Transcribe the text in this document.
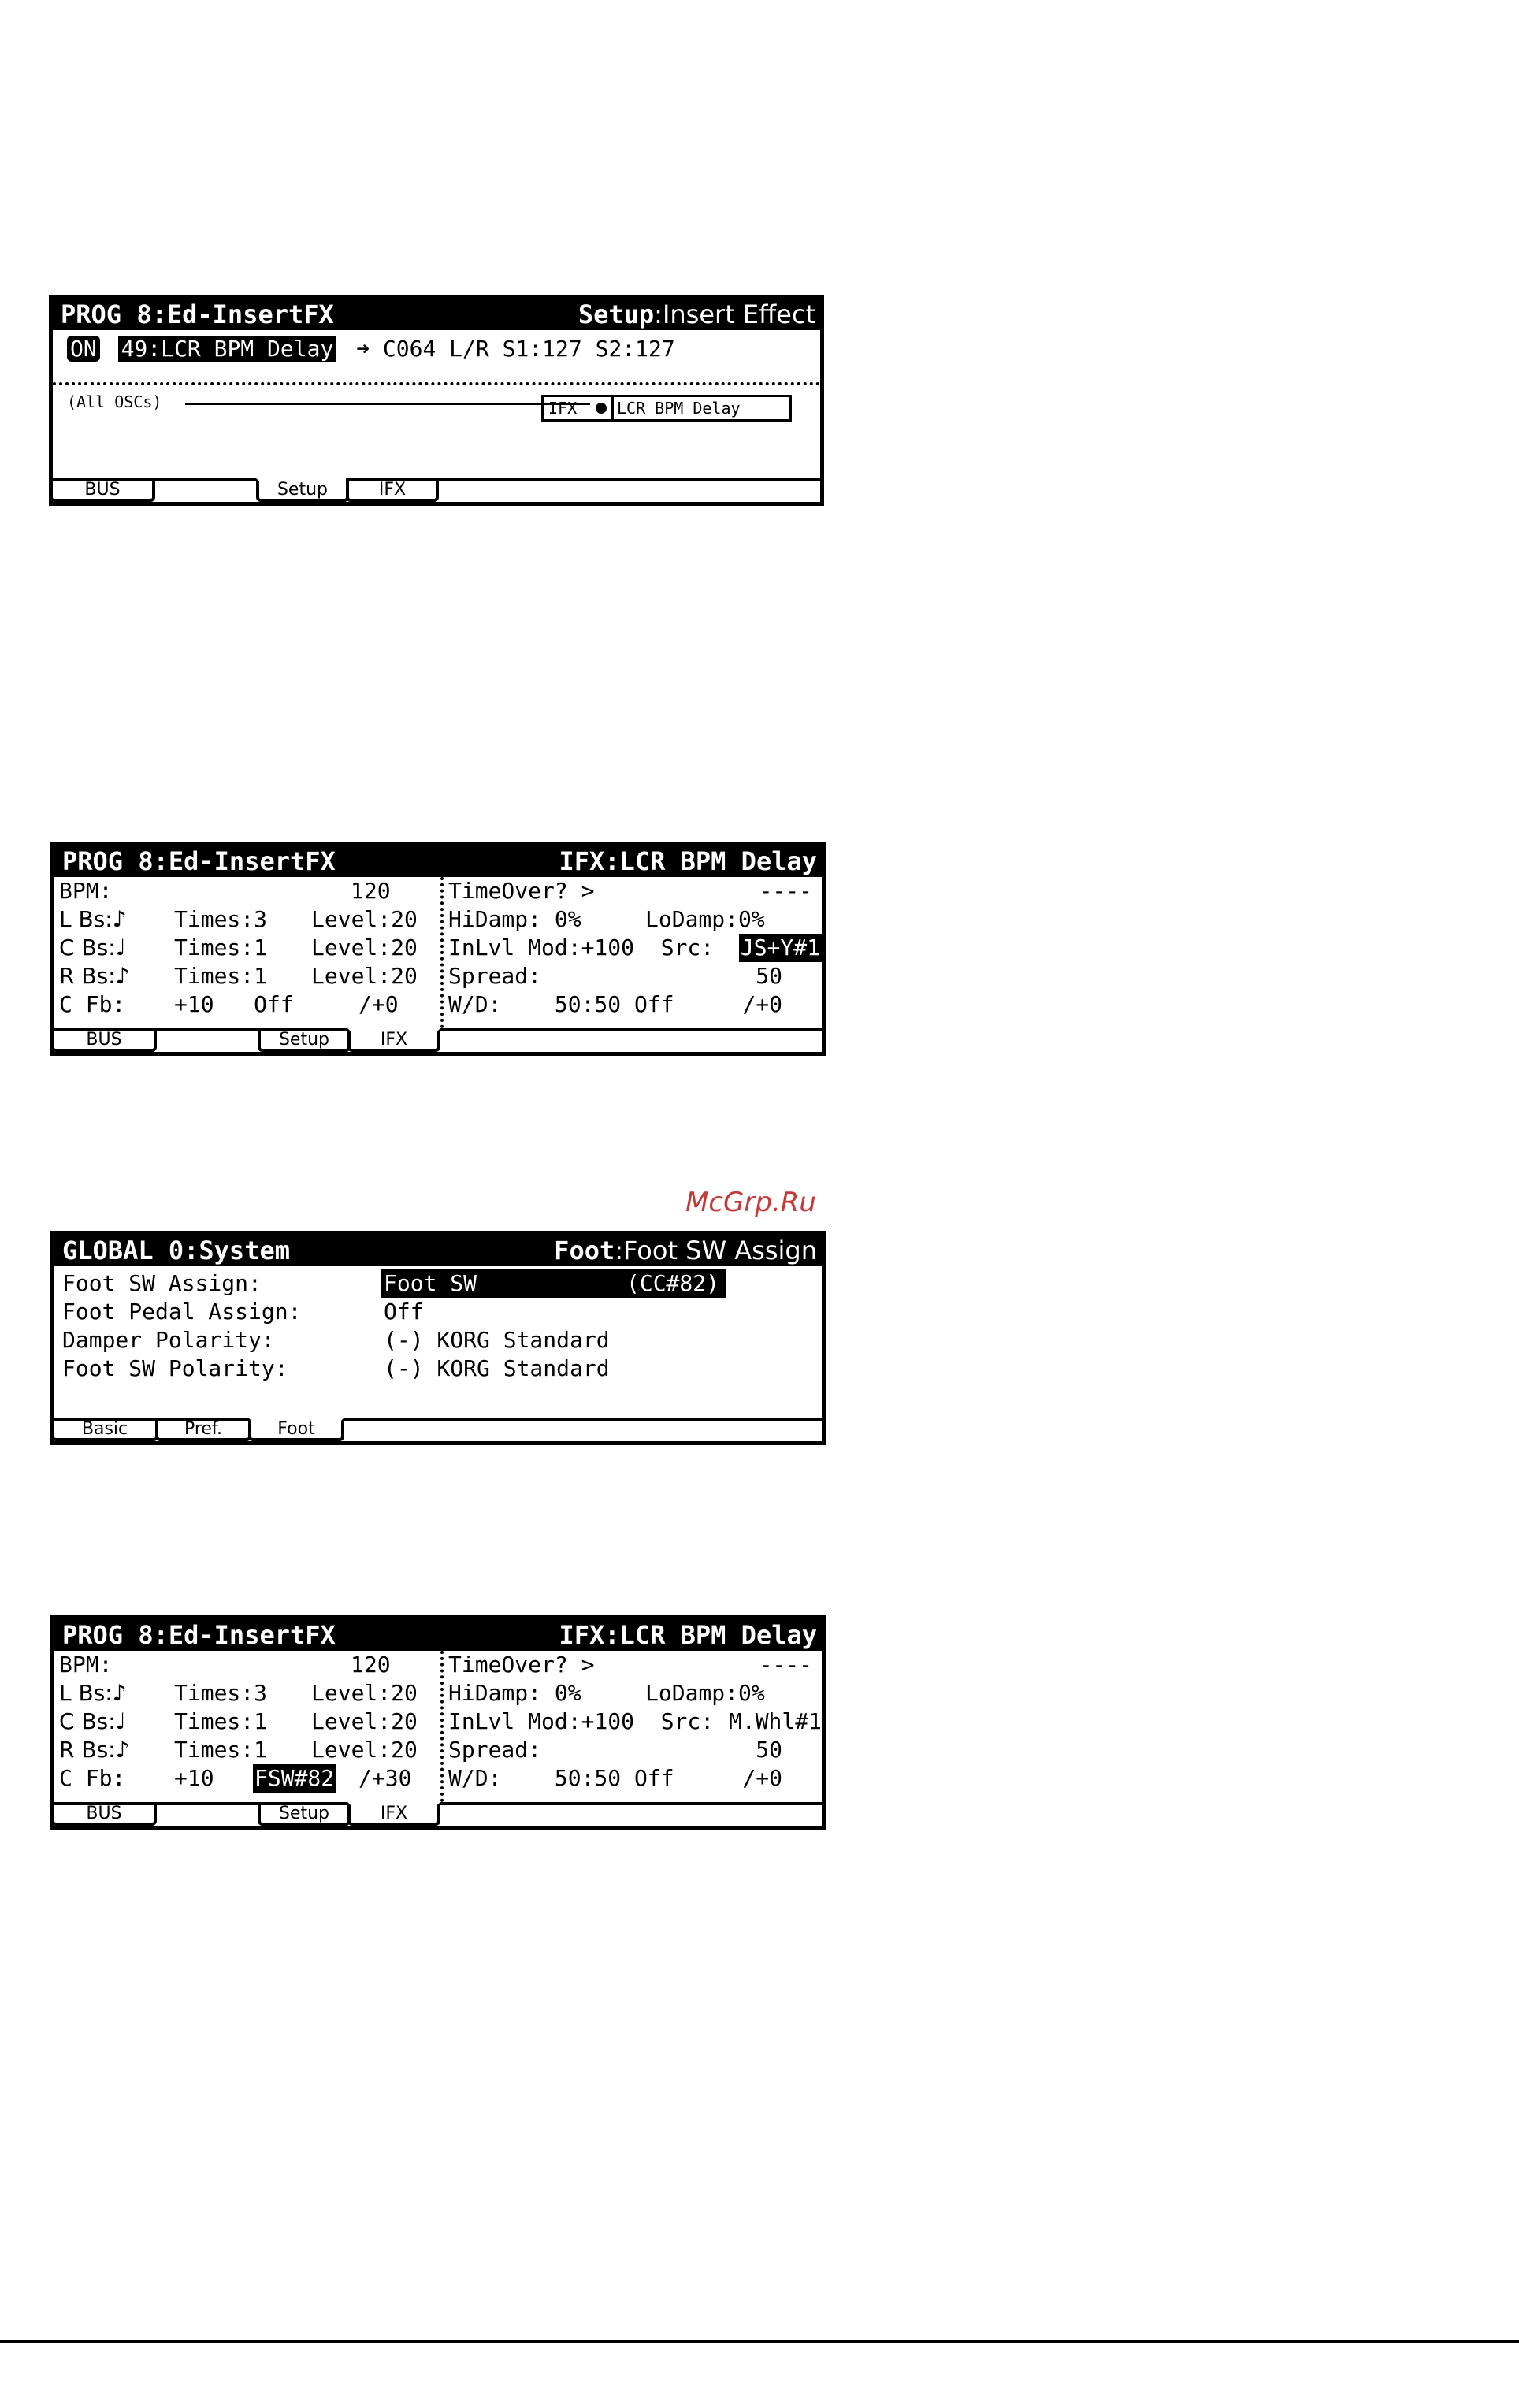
PROG 8:Ed-InsertFX	Setup:Insert Effect
ON 49:LCR BPM Delay ➜ C064 L/R S1:127 S2:127
(All OSCs)	IFX	LCR BPM Delay
BUS	Setup	IFX
PROG 8:Ed-InsertFX	IFX:LCR BPM Delay
BPM:	120
L Bs:♪ Times:3 Level:20
C Bs:♩ Times:1 Level:20
R Bs:♪ Times:1 Level:20
C Fb: +10   Off	/+0
TimeOver? >	----
HiDamp: 0%	LoDamp:0%
InLvl Mod:+100  Src: JS+Y#1
Spread:	50
W/D:    50:50 Off	/+0
BUS	Setup	IFX
McGrp.Ru
GLOBAL 0:System	Foot:Foot SW Assign
Foot SW Assign:	Foot SW	(CC#82)
Foot Pedal Assign:	Off
Damper Polarity:	(-) KORG Standard
Foot SW Polarity:	(-) KORG Standard
Basic	Pref.	Foot
PROG 8:Ed-InsertFX	IFX:LCR BPM Delay
BPM:	120
L Bs:♪ Times:3 Level:20
C Bs:♩ Times:1 Level:20
R Bs:♪ Times:1 Level:20
C Fb: +10 FSW#82 /+30
TimeOver? >	----
HiDamp: 0%	LoDamp:0%
InLvl Mod:+100  Src: M.Whl#1
Spread:	50
W/D:    50:50 Off	/+0
BUS	Setup	IFX
